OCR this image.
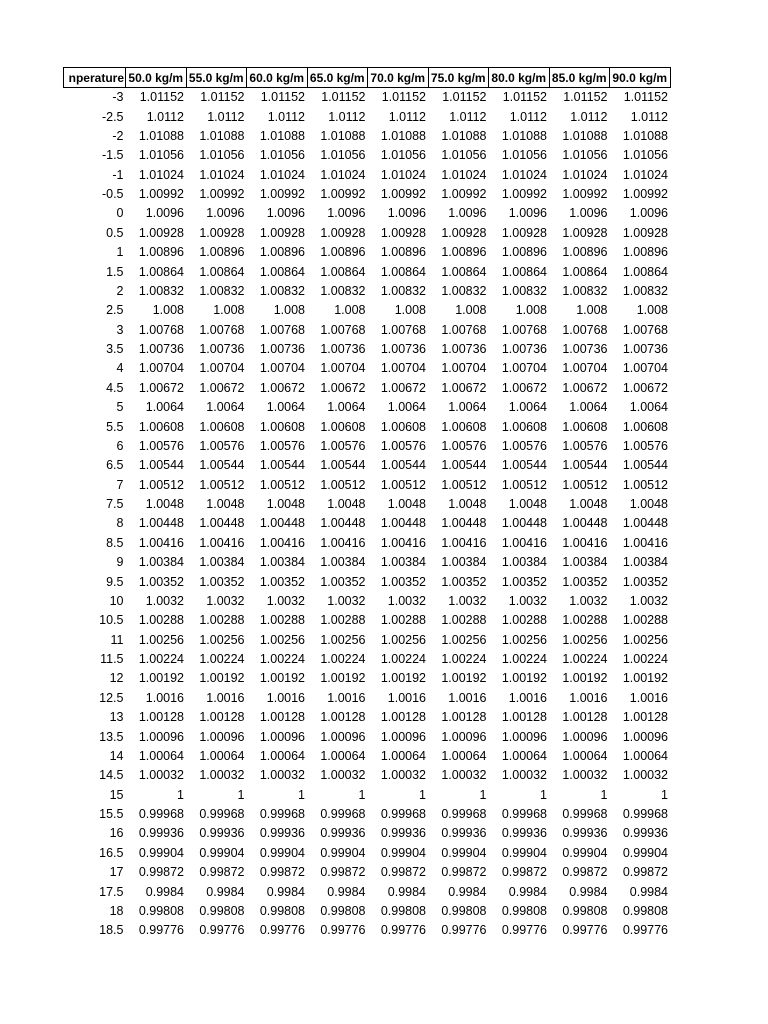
nperature	50.0 kg/m	55.0 kg/m	60.0 kg/m	65.0 kg/m	70.0 kg/m	75.0 kg/m	80.0 kg/m	85.0 kg/m	90.0 kg/m

-3	1.01152	1.01152	1.01152	1.01152	1.01152	1.01152	1.01152	1.01152	1.01152
-2.5	1.0112	1.0112	1.0112	1.0112	1.0112	1.0112	1.0112	1.0112	1.0112
-2	1.01088	1.01088	1.01088	1.01088	1.01088	1.01088	1.01088	1.01088	1.01088
-1.5	1.01056	1.01056	1.01056	1.01056	1.01056	1.01056	1.01056	1.01056	1.01056
-1	1.01024	1.01024	1.01024	1.01024	1.01024	1.01024	1.01024	1.01024	1.01024
-0.5	1.00992	1.00992	1.00992	1.00992	1.00992	1.00992	1.00992	1.00992	1.00992
0	1.0096	1.0096	1.0096	1.0096	1.0096	1.0096	1.0096	1.0096	1.0096
0.5	1.00928	1.00928	1.00928	1.00928	1.00928	1.00928	1.00928	1.00928	1.00928
1	1.00896	1.00896	1.00896	1.00896	1.00896	1.00896	1.00896	1.00896	1.00896
1.5	1.00864	1.00864	1.00864	1.00864	1.00864	1.00864	1.00864	1.00864	1.00864
2	1.00832	1.00832	1.00832	1.00832	1.00832	1.00832	1.00832	1.00832	1.00832
2.5	1.008	1.008	1.008	1.008	1.008	1.008	1.008	1.008	1.008
3	1.00768	1.00768	1.00768	1.00768	1.00768	1.00768	1.00768	1.00768	1.00768
3.5	1.00736	1.00736	1.00736	1.00736	1.00736	1.00736	1.00736	1.00736	1.00736
4	1.00704	1.00704	1.00704	1.00704	1.00704	1.00704	1.00704	1.00704	1.00704
4.5	1.00672	1.00672	1.00672	1.00672	1.00672	1.00672	1.00672	1.00672	1.00672
5	1.0064	1.0064	1.0064	1.0064	1.0064	1.0064	1.0064	1.0064	1.0064
5.5	1.00608	1.00608	1.00608	1.00608	1.00608	1.00608	1.00608	1.00608	1.00608
6	1.00576	1.00576	1.00576	1.00576	1.00576	1.00576	1.00576	1.00576	1.00576
6.5	1.00544	1.00544	1.00544	1.00544	1.00544	1.00544	1.00544	1.00544	1.00544
7	1.00512	1.00512	1.00512	1.00512	1.00512	1.00512	1.00512	1.00512	1.00512
7.5	1.0048	1.0048	1.0048	1.0048	1.0048	1.0048	1.0048	1.0048	1.0048
8	1.00448	1.00448	1.00448	1.00448	1.00448	1.00448	1.00448	1.00448	1.00448
8.5	1.00416	1.00416	1.00416	1.00416	1.00416	1.00416	1.00416	1.00416	1.00416
9	1.00384	1.00384	1.00384	1.00384	1.00384	1.00384	1.00384	1.00384	1.00384
9.5	1.00352	1.00352	1.00352	1.00352	1.00352	1.00352	1.00352	1.00352	1.00352
10	1.0032	1.0032	1.0032	1.0032	1.0032	1.0032	1.0032	1.0032	1.0032
10.5	1.00288	1.00288	1.00288	1.00288	1.00288	1.00288	1.00288	1.00288	1.00288
11	1.00256	1.00256	1.00256	1.00256	1.00256	1.00256	1.00256	1.00256	1.00256
11.5	1.00224	1.00224	1.00224	1.00224	1.00224	1.00224	1.00224	1.00224	1.00224
12	1.00192	1.00192	1.00192	1.00192	1.00192	1.00192	1.00192	1.00192	1.00192
12.5	1.0016	1.0016	1.0016	1.0016	1.0016	1.0016	1.0016	1.0016	1.0016
13	1.00128	1.00128	1.00128	1.00128	1.00128	1.00128	1.00128	1.00128	1.00128
13.5	1.00096	1.00096	1.00096	1.00096	1.00096	1.00096	1.00096	1.00096	1.00096
14	1.00064	1.00064	1.00064	1.00064	1.00064	1.00064	1.00064	1.00064	1.00064
14.5	1.00032	1.00032	1.00032	1.00032	1.00032	1.00032	1.00032	1.00032	1.00032
15	1	1	1	1	1	1	1	1	1
15.5	0.99968	0.99968	0.99968	0.99968	0.99968	0.99968	0.99968	0.99968	0.99968
16	0.99936	0.99936	0.99936	0.99936	0.99936	0.99936	0.99936	0.99936	0.99936
16.5	0.99904	0.99904	0.99904	0.99904	0.99904	0.99904	0.99904	0.99904	0.99904
17	0.99872	0.99872	0.99872	0.99872	0.99872	0.99872	0.99872	0.99872	0.99872
17.5	0.9984	0.9984	0.9984	0.9984	0.9984	0.9984	0.9984	0.9984	0.9984
18	0.99808	0.99808	0.99808	0.99808	0.99808	0.99808	0.99808	0.99808	0.99808
18.5	0.99776	0.99776	0.99776	0.99776	0.99776	0.99776	0.99776	0.99776	0.99776
